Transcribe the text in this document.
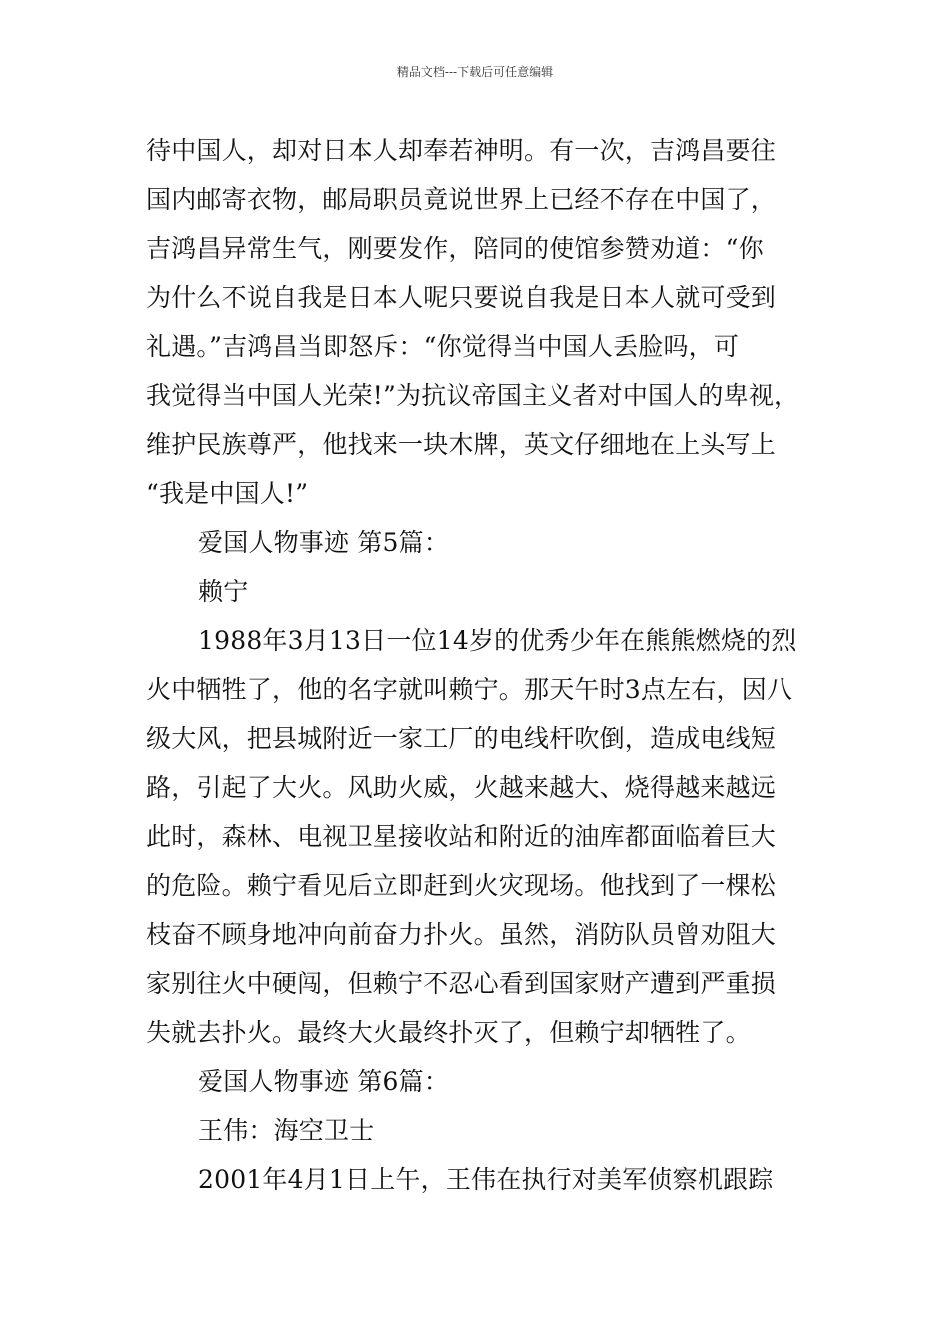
精品文档---下载后可任意编辑
待中国人，却对日本人却奉若神明。有一次，吉鸿昌要往
国内邮寄衣物，邮局职员竟说世界上已经不存在中国了，
吉鸿昌异常生气，刚要发作，陪同的使馆参赞劝道：“你
为什么不说自我是日本人呢只要说自我是日本人就可受到
礼遇。”吉鸿昌当即怒斥：“你觉得当中国人丢脸吗，可
我觉得当中国人光荣!”为抗议帝国主义者对中国人的卑视，
维护民族尊严，他找来一块木牌，英文仔细地在上头写上
“我是中国人!”
爱国人物事迹 第5篇：
赖宁
1988年3月13日一位14岁的优秀少年在熊熊燃烧的烈
火中牺牲了，他的名字就叫赖宁。那天午时3点左右，因八
级大风，把县城附近一家工厂的电线杆吹倒，造成电线短
路，引起了大火。风助火威，火越来越大、烧得越来越远
此时，森林、电视卫星接收站和附近的油库都面临着巨大
的危险。赖宁看见后立即赶到火灾现场。他找到了一棵松
枝奋不顾身地冲向前奋力扑火。虽然，消防队员曾劝阻大
家别往火中硬闯，但赖宁不忍心看到国家财产遭到严重损
失就去扑火。最终大火最终扑灭了，但赖宁却牺牲了。
爱国人物事迹 第6篇：
王伟：海空卫士
2001年4月1日上午，王伟在执行对美军侦察机跟踪
